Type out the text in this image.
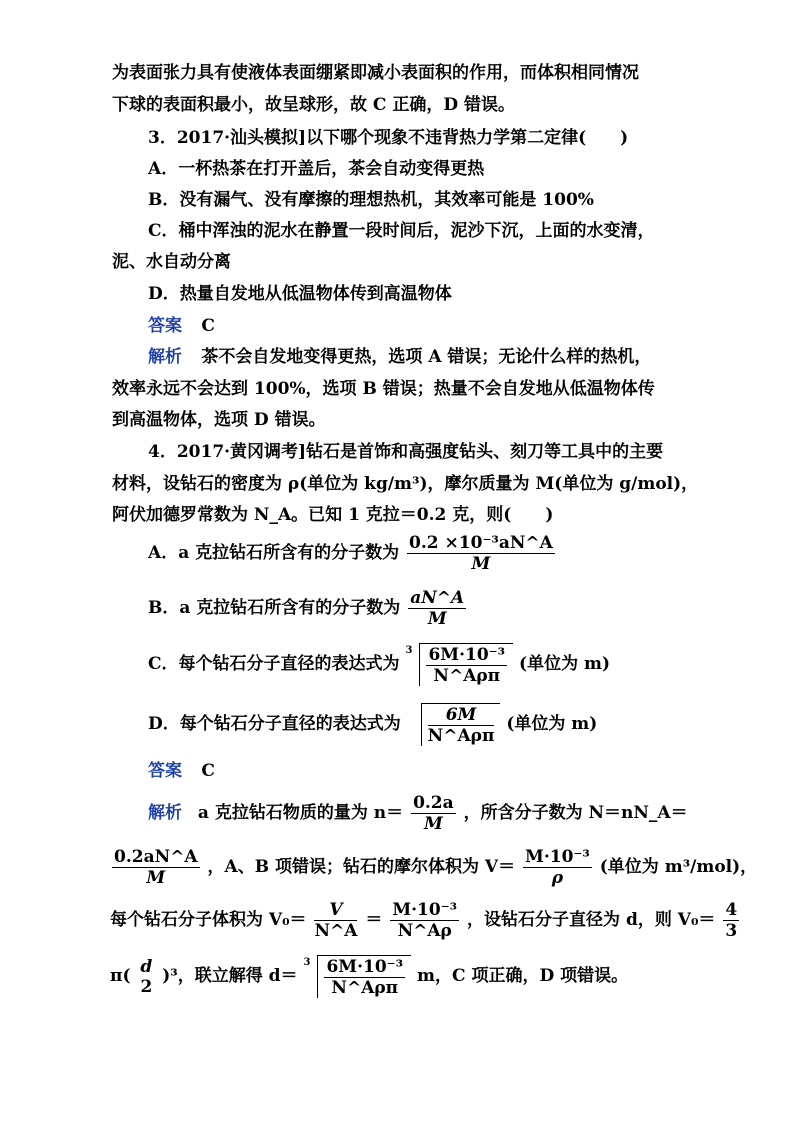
为表面张力具有使液体表面绷紧即减小表面积的作用，而体积相同情况
下球的表面积最小，故呈球形，故 C 正确，D 错误。
3．2017·汕头模拟]以下哪个现象不违背热力学第二定律(　　)
A．一杯热茶在打开盖后，茶会自动变得更热
B．没有漏气、没有摩擦的理想热机，其效率可能是 100%
C．桶中浑浊的泥水在静置一段时间后，泥沙下沉，上面的水变清，
泥、水自动分离
D．热量自发地从低温物体传到高温物体
答案 C
解析 茶不会自发地变得更热，选项 A 错误；无论什么样的热机，
效率永远不会达到 100%，选项 B 错误；热量不会自发地从低温物体传
到高温物体，选项 D 错误。
4．2017·黄冈调考]钻石是首饰和高强度钻头、刻刀等工具中的主要
材料，设钻石的密度为 ρ(单位为 kg/m³)，摩尔质量为 M(单位为 g/mol)，
阿伏加德罗常数为 N_A。已知 1 克拉＝0.2 克，则(　　)
A．a 克拉钻石所含有的分子数为 $\frac{\text{0.2 ×10⁻³aN\textasciicircum{}A}}{M}$
B．a 克拉钻石所含有的分子数为 $\frac{aN\^{}A}{M}$
C．每个钻石分子直径的表达式为
$3 \frac{\text{6M·10⁻³}}{\text{N\textasciicircum{}Aρπ}}$ (单位为 m)
D．每个钻石分子直径的表达式为 $\frac{6M}{\text{N\textasciicircum{}Aρπ}}$ (单位为 m)
答案 C
解析 a 克拉钻石物质的量为 $n= \frac{0.2a}{M}$ ，所含分子数为 N＝nN_A＝
$\frac{0.2aN\^{}A}{M}$ ，A、B 项错误；钻石的摩尔体积为 $V= \frac{\text{M·10⁻³}}{\rho}$ (单位为 m³/mol)，
每个钻石分子体积为 $V_0= \frac{V}{N\^{}A} = \frac{\text{M·10⁻³}}{N\^{}A\rho}$ ，设钻石分子直径为 d，则 $V_0= \frac{4}{3}$
π( d
2
)³，联立解得 d＝
$3 \frac{\text{6M·10⁻³}}{\text{N\textasciicircum{}Aρπ}}$ m，C 项正确，D 项错误。
